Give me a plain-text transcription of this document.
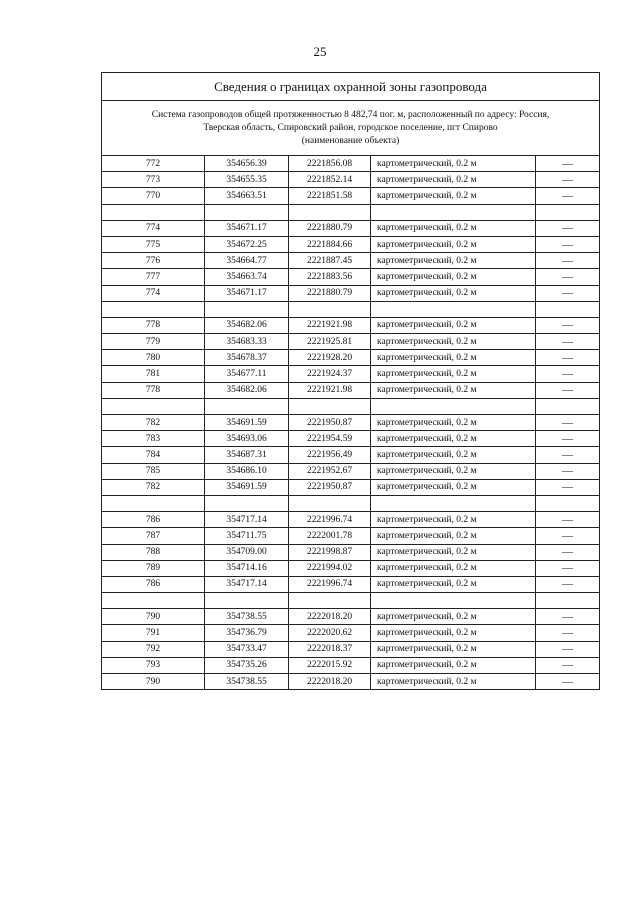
25
Сведения о границах охранной зоны газопровода				
Система газопроводов общей протяженностью 8 482,74 пог. м, расположенный по адресу: Россия,
Тверская область, Спировский район, городское поселение, пгт Спирово
(наименование объекта)				
772	354656.39	2221856.08	картометрический, 0.2 м	—
773	354655.35	2221852.14	картометрический, 0.2 м	—
770	354663.51	2221851.58	картометрический, 0.2 м	—

774	354671.17	2221880.79	картометрический, 0.2 м	—
775	354672.25	2221884.66	картометрический, 0.2 м	—
776	354664.77	2221887.45	картометрический, 0.2 м	—
777	354663.74	2221883.56	картометрический, 0.2 м	—
774	354671.17	2221880.79	картометрический, 0.2 м	—

778	354682.06	2221921.98	картометрический, 0.2 м	—
779	354683.33	2221925.81	картометрический, 0.2 м	—
780	354678.37	2221928.20	картометрический, 0.2 м	—
781	354677.11	2221924.37	картометрический, 0.2 м	—
778	354682.06	2221921.98	картометрический, 0.2 м	—

782	354691.59	2221950.87	картометрический, 0.2 м	—
783	354693.06	2221954.59	картометрический, 0.2 м	—
784	354687.31	2221956.49	картометрический, 0.2 м	—
785	354686.10	2221952.67	картометрический, 0.2 м	—
782	354691.59	2221950.87	картометрический, 0.2 м	—

786	354717.14	2221996.74	картометрический, 0.2 м	—
787	354711.75	2222001.78	картометрический, 0.2 м	—
788	354709.00	2221998.87	картометрический, 0.2 м	—
789	354714.16	2221994.02	картометрический, 0.2 м	—
786	354717.14	2221996.74	картометрический, 0.2 м	—

790	354738.55	2222018.20	картометрический, 0.2 м	—
791	354736.79	2222020.62	картометрический, 0.2 м	—
792	354733.47	2222018.37	картометрический, 0.2 м	—
793	354735.26	2222015.92	картометрический, 0.2 м	—
790	354738.55	2222018.20	картометрический, 0.2 м	—
